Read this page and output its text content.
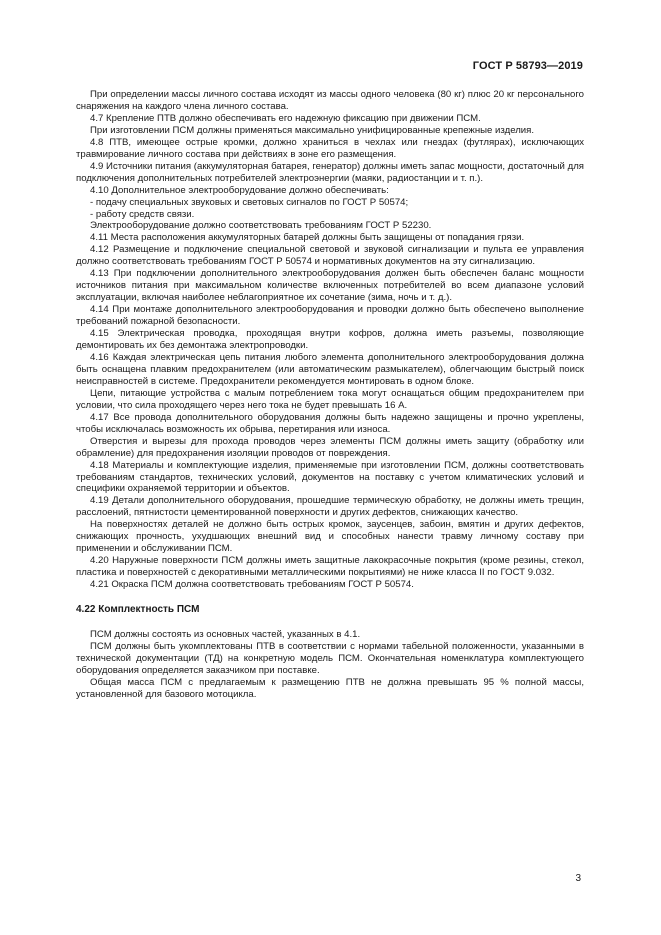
ГОСТ Р 58793—2019

При определении массы личного состава исходят из массы одного человека (80 кг) плюс 20 кг персонального снаряжения на каждого члена личного состава.

4.7 Крепление ПТВ должно обеспечивать его надежную фиксацию при движении ПСМ.

При изготовлении ПСМ должны применяться максимально унифицированные крепежные изделия.

4.8 ПТВ, имеющее острые кромки, должно храниться в чехлах или гнездах (футлярах), исключающих травмирование личного состава при действиях в зоне его размещения.

4.9 Источники питания (аккумуляторная батарея, генератор) должны иметь запас мощности, достаточный для подключения дополнительных потребителей электроэнергии (маяки, радиостанции и т. п.).

4.10 Дополнительное электрооборудование должно обеспечивать:

- подачу специальных звуковых и световых сигналов по ГОСТ Р 50574;

- работу средств связи.

Электрооборудование должно соответствовать требованиям ГОСТ Р 52230.

4.11 Места расположения аккумуляторных батарей должны быть защищены от попадания грязи.

4.12 Размещение и подключение специальной световой и звуковой сигнализации и пульта ее управления должно соответствовать требованиям ГОСТ Р 50574 и нормативных документов на эту сигнализацию.

4.13 При подключении дополнительного электрооборудования должен быть обеспечен баланс мощности источников питания при максимальном количестве включенных потребителей во всем диапазоне условий эксплуатации, включая наиболее неблагоприятное их сочетание (зима, ночь и т. д.).

4.14 При монтаже дополнительного электрооборудования и проводки должно быть обеспечено выполнение требований пожарной безопасности.

4.15 Электрическая проводка, проходящая внутри кофров, должна иметь разъемы, позволяющие демонтировать их без демонтажа электропроводки.

4.16 Каждая электрическая цепь питания любого элемента дополнительного электрооборудования должна быть оснащена плавким предохранителем (или автоматическим размыкателем), облегчающим быстрый поиск неисправностей в системе. Предохранители рекомендуется монтировать в одном блоке.

Цепи, питающие устройства с малым потреблением тока могут оснащаться общим предохранителем при условии, что сила проходящего через него тока не будет превышать 16 А.

4.17 Все провода дополнительного оборудования должны быть надежно защищены и прочно укреплены, чтобы исключалась возможность их обрыва, перетирания или износа.

Отверстия и вырезы для прохода проводов через элементы ПСМ должны иметь защиту (обработку или обрамление) для предохранения изоляции проводов от повреждения.

4.18 Материалы и комплектующие изделия, применяемые при изготовлении ПСМ, должны соответствовать требованиям стандартов, технических условий, документов на поставку с учетом климатических условий и специфики охраняемой территории и объектов.

4.19 Детали дополнительного оборудования, прошедшие термическую обработку, не должны иметь трещин, расслоений, пятнистости цементированной поверхности и других дефектов, снижающих качество.

На поверхностях деталей не должно быть острых кромок, заусенцев, забоин, вмятин и других дефектов, снижающих прочность, ухудшающих внешний вид и способных нанести травму личному составу при применении и обслуживании ПСМ.

4.20 Наружные поверхности ПСМ должны иметь защитные лакокрасочные покрытия (кроме резины, стекол, пластика и поверхностей с декоративными металлическими покрытиями) не ниже класса II по ГОСТ 9.032.

4.21 Окраска ПСМ должна соответствовать требованиям ГОСТ Р 50574.

4.22 Комплектность ПСМ

ПСМ должны состоять из основных частей, указанных в 4.1.

ПСМ должны быть укомплектованы ПТВ в соответствии с нормами табельной положенности, указанными в технической документации (ТД) на конкретную модель ПСМ. Окончательная номенклатура комплектующего оборудования определяется заказчиком при поставке.

Общая масса ПСМ с предлагаемым к размещению ПТВ не должна превышать 95 % полной массы, установленной для базового мотоцикла.

3
